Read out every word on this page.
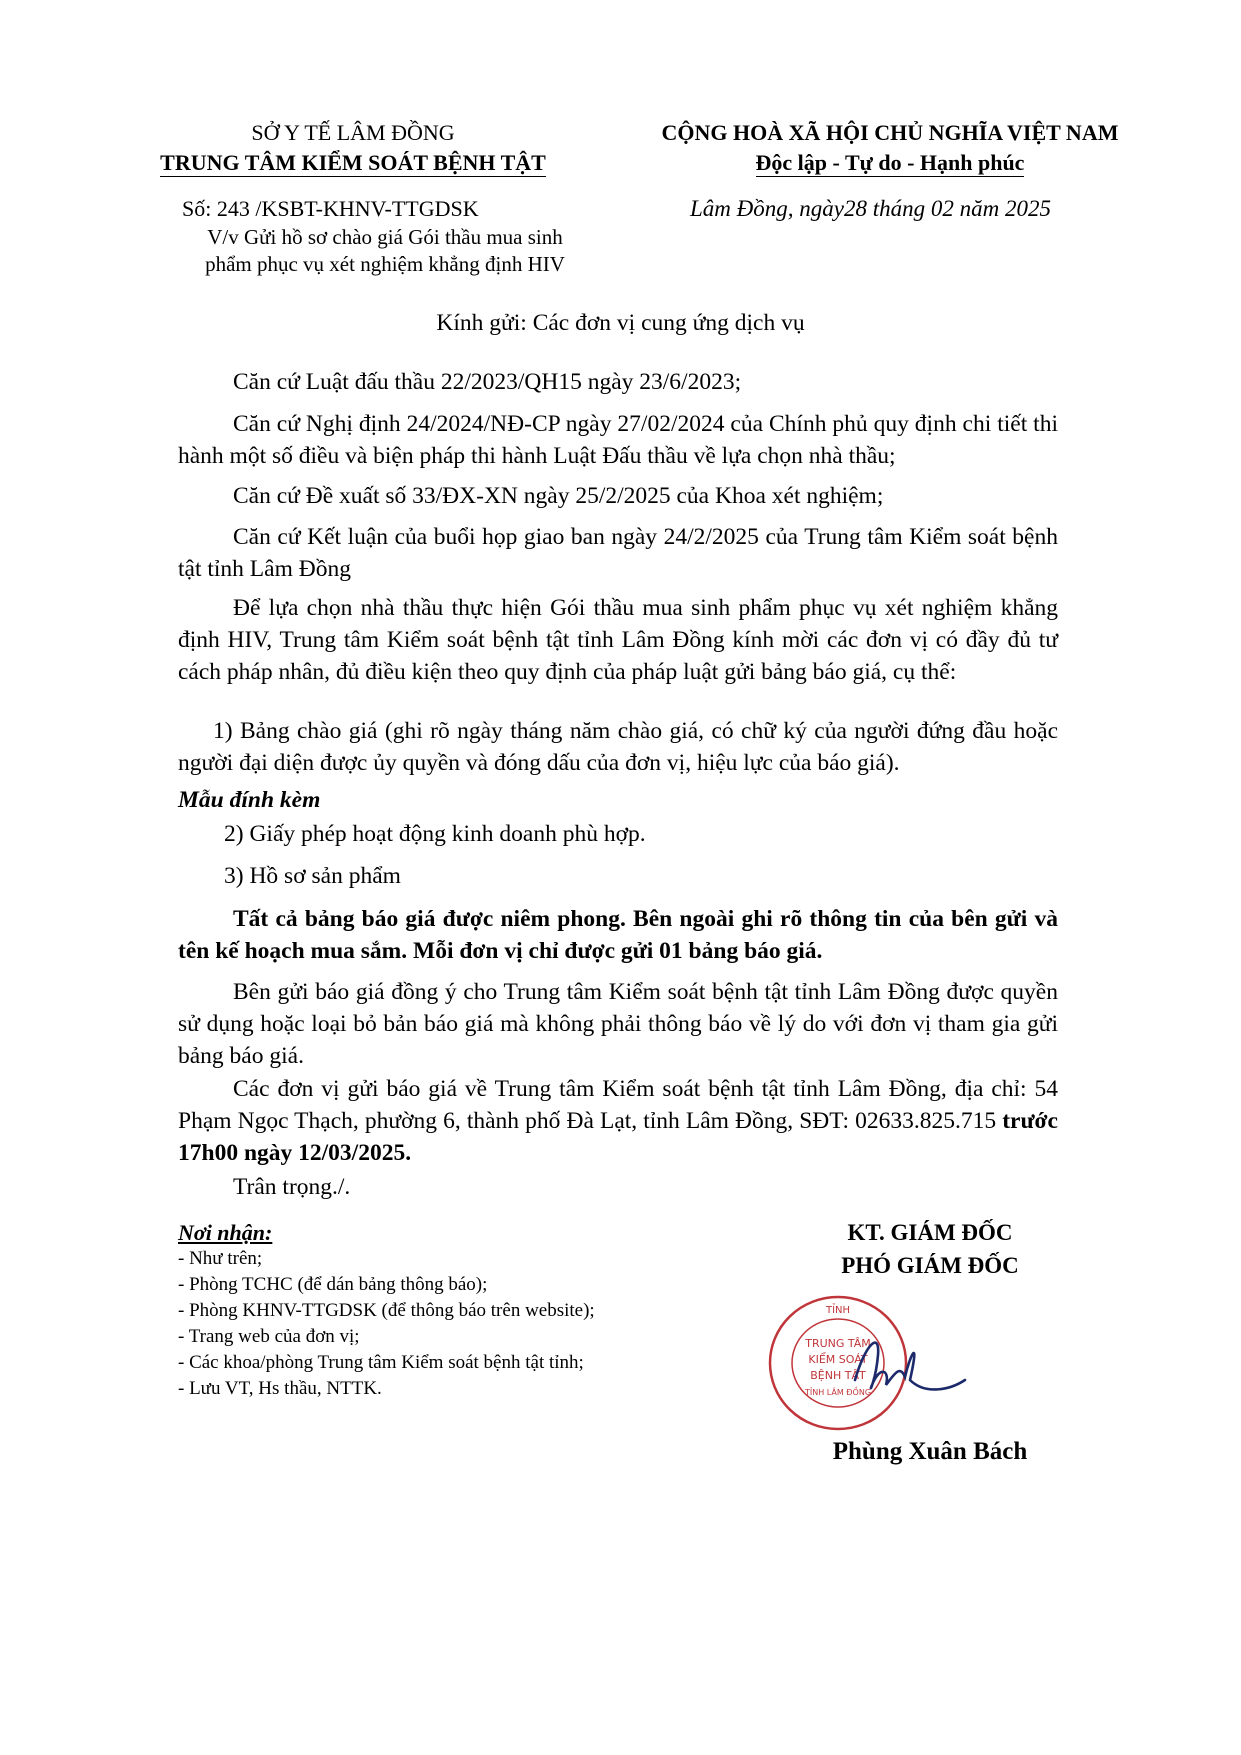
SỞ Y TẾ LÂM ĐỒNG
TRUNG TÂM KIỂM SOÁT BỆNH TẬT
CỘNG HOÀ XÃ HỘI CHỦ NGHĨA VIỆT NAM
Độc lập - Tự do - Hạnh phúc
Số: 243 /KSBT-KHNV-TTGDSK
V/v Gửi hồ sơ chào giá Gói thầu mua sinh
phẩm phục vụ xét nghiệm khẳng định HIV
Lâm Đồng, ngày28 tháng 02 năm 2025
Kính gửi: Các đơn vị cung ứng dịch vụ
Căn cứ Luật đấu thầu 22/2023/QH15 ngày 23/6/2023;
Căn cứ Nghị định 24/2024/NĐ-CP ngày 27/02/2024 của Chính phủ quy định chi tiết thi hành một số điều và biện pháp thi hành Luật Đấu thầu về lựa chọn nhà thầu;
Căn cứ Đề xuất số 33/ĐX-XN ngày 25/2/2025 của Khoa xét nghiệm;
Căn cứ Kết luận của buổi họp giao ban ngày 24/2/2025 của Trung tâm Kiểm soát bệnh tật tỉnh Lâm Đồng
Để lựa chọn nhà thầu thực hiện Gói thầu mua sinh phẩm phục vụ xét nghiệm khẳng định HIV, Trung tâm Kiểm soát bệnh tật tỉnh Lâm Đồng kính mời các đơn vị có đầy đủ tư cách pháp nhân, đủ điều kiện theo quy định của pháp luật gửi bảng báo giá, cụ thể:
1) Bảng chào giá (ghi rõ ngày tháng năm chào giá, có chữ ký của người đứng đầu hoặc người đại diện được ủy quyền và đóng dấu của đơn vị, hiệu lực của báo giá).
Mẫu đính kèm
2) Giấy phép hoạt động kinh doanh phù hợp.
3) Hồ sơ sản phẩm
Tất cả bảng báo giá được niêm phong. Bên ngoài ghi rõ thông tin của bên gửi và tên kế hoạch mua sắm. Mỗi đơn vị chỉ được gửi 01 bảng báo giá.
Bên gửi báo giá đồng ý cho Trung tâm Kiểm soát bệnh tật tỉnh Lâm Đồng được quyền sử dụng hoặc loại bỏ bản báo giá mà không phải thông báo về lý do với đơn vị tham gia gửi bảng báo giá.
Các đơn vị gửi báo giá về Trung tâm Kiểm soát bệnh tật tỉnh Lâm Đồng, địa chỉ: 54 Phạm Ngọc Thạch, phường 6, thành phố Đà Lạt, tỉnh Lâm Đồng, SĐT: 02633.825.715 trước 17h00 ngày 12/03/2025.
Trân trọng./.
Nơi nhận:
- Như trên;
- Phòng TCHC (để dán bảng thông báo);
- Phòng KHNV-TTGDSK (để thông báo trên website);
- Trang web của đơn vị;
- Các khoa/phòng Trung tâm Kiểm soát bệnh tật tỉnh;
- Lưu VT, Hs thầu, NTTK.
KT. GIÁM ĐỐC
PHÓ GIÁM ĐỐC
TỈNH
TRUNG TÂM
KIỂM SOÁT
BỆNH TẬT
TỈNH LÂM ĐỒNG
Phùng Xuân Bách
